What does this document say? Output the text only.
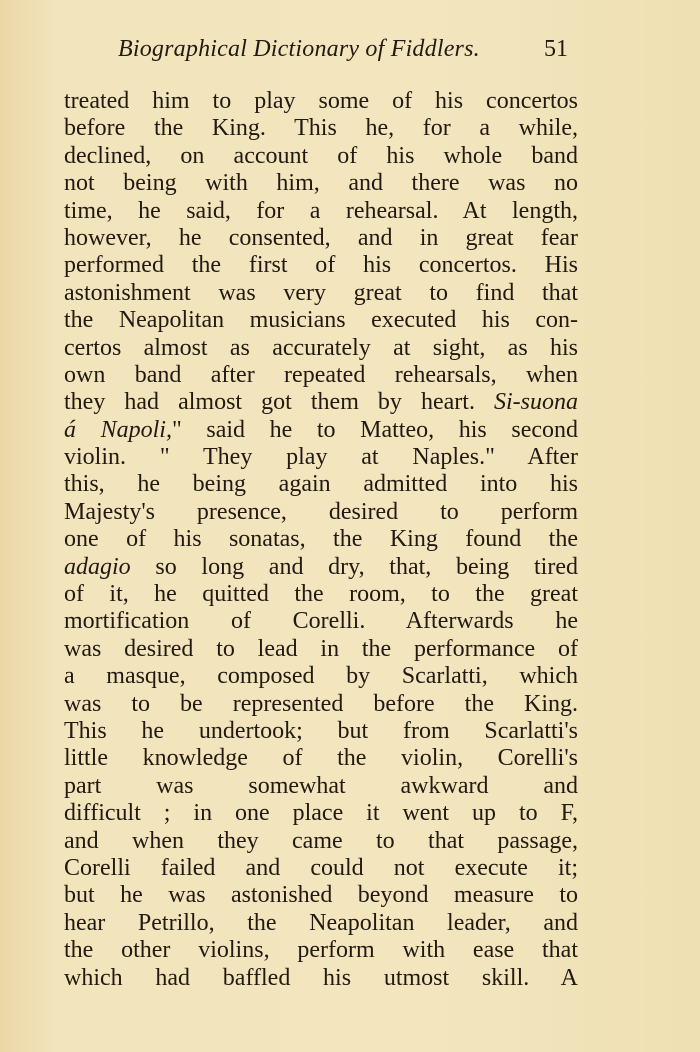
Biographical Dictionary of Fiddlers.	51
treated him to play some of his concertos
before the King. This he, for a while,
declined, on account of his whole band
not being with him, and there was no
time, he said, for a rehearsal. At length,
however, he consented, and in great fear
performed the first of his concertos. His
astonishment was very great to find that
the Neapolitan musicians executed his con-
certos almost as accurately at sight, as his
own band after repeated rehearsals, when
they had almost got them by heart. Si-suona
á Napoli," said he to Matteo, his second
violin. " They play at Naples." After
this, he being again admitted into his
Majesty's presence, desired to perform
one of his sonatas, the King found the
adagio so long and dry, that, being tired
of it, he quitted the room, to the great
mortification of Corelli. Afterwards he
was desired to lead in the performance of
a masque, composed by Scarlatti, which
was to be represented before the King.
This he undertook; but from Scarlatti's
little knowledge of the violin, Corelli's
part was somewhat awkward and
difficult ; in one place it went up to F,
and when they came to that passage,
Corelli failed and could not execute it;
but he was astonished beyond measure to
hear Petrillo, the Neapolitan leader, and
the other violins, perform with ease that
which had baffled his utmost skill. A
